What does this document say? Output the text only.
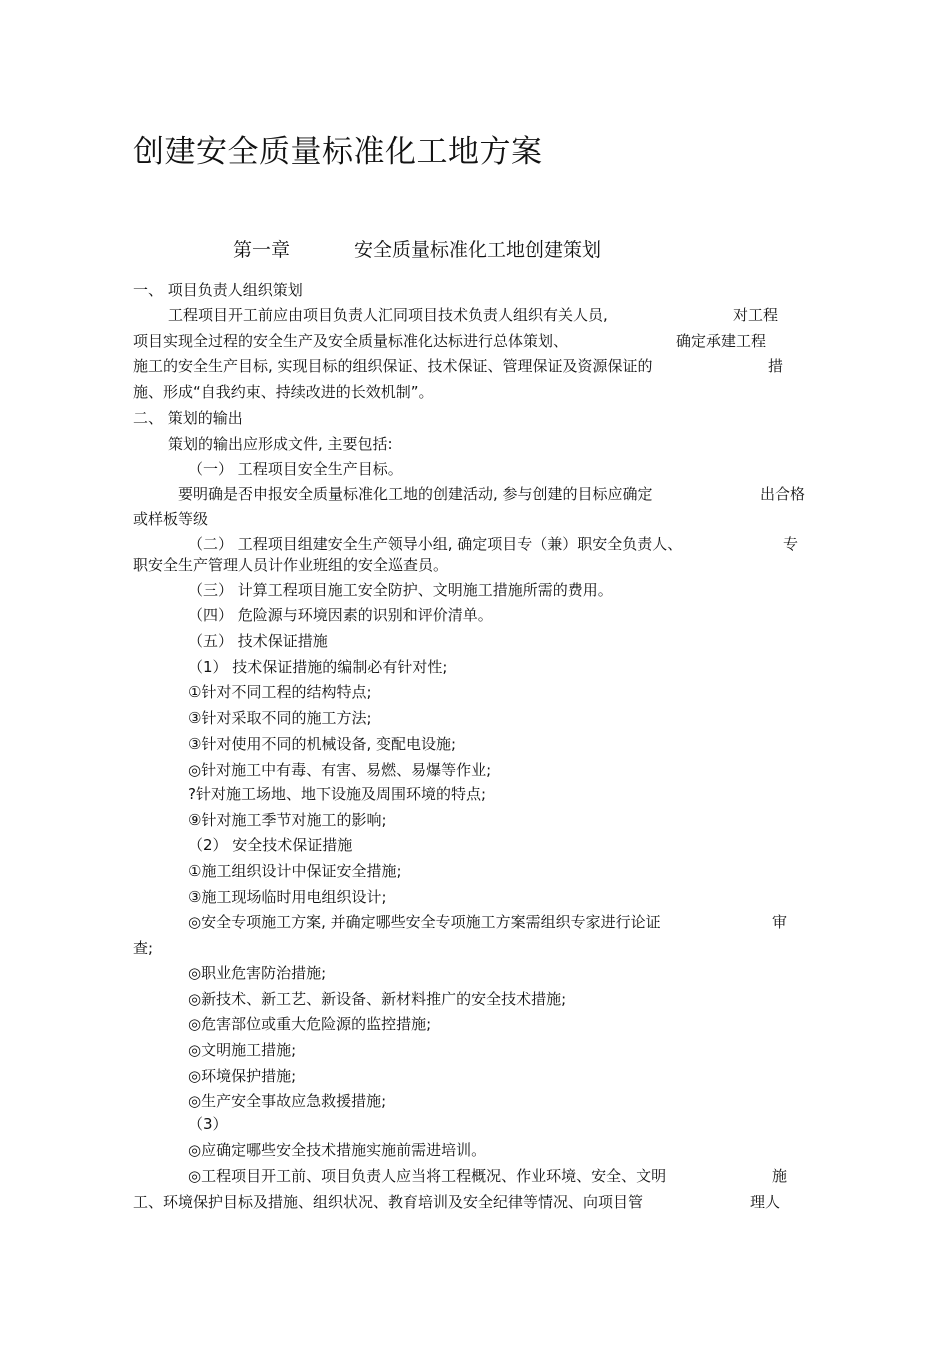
创建安全质量标准化工地方案
第一章	安全质量标准化工地创建策划
一、 项目负责人组织策划
工程项目开工前应由项目负责人汇同项目技术负责人组织有关人员,	对工程
项目实现全过程的安全生产及安全质量标准化达标进行总体策划、	确定承建工程
施工的安全生产目标, 实现目标的组织保证、技术保证、管理保证及资源保证的	措
施、形成“自我约束、持续改进的长效机制”。
二、 策划的输出
策划的输出应形成文件, 主要包括:
（一） 工程项目安全生产目标。
要明确是否申报安全质量标准化工地的创建活动, 参与创建的目标应确定	出合格
或样板等级
（二） 工程项目组建安全生产领导小组, 确定项目专（兼）职安全负责人、	专
职安全生产管理人员计作业班组的安全巡查员。
（三） 计算工程项目施工安全防护、文明施工措施所需的费用。
（四） 危险源与环境因素的识别和评价清单。
（五） 技术保证措施
（1） 技术保证措施的编制必有针对性;
①针对不同工程的结构特点;
③针对采取不同的施工方法;
③针对使用不同的机械设备, 变配电设施;
◎针对施工中有毒、有害、易燃、易爆等作业;
?针对施工场地、地下设施及周围环境的特点;
⑨针对施工季节对施工的影响;
（2） 安全技术保证措施
①施工组织设计中保证安全措施;
③施工现场临时用电组织设计;
◎安全专项施工方案, 并确定哪些安全专项施工方案需组织专家进行论证	审
查;
◎职业危害防治措施;
◎新技术、新工艺、新设备、新材料推广的安全技术措施;
◎危害部位或重大危险源的监控措施;
◎文明施工措施;
◎环境保护措施;
◎生产安全事故应急救援措施;
（3）
◎应确定哪些安全技术措施实施前需进培训。
◎工程项目开工前、项目负责人应当将工程概况、作业环境、安全、文明	施
工、环境保护目标及措施、组织状况、教育培训及安全纪律等情况、向项目管	理人
